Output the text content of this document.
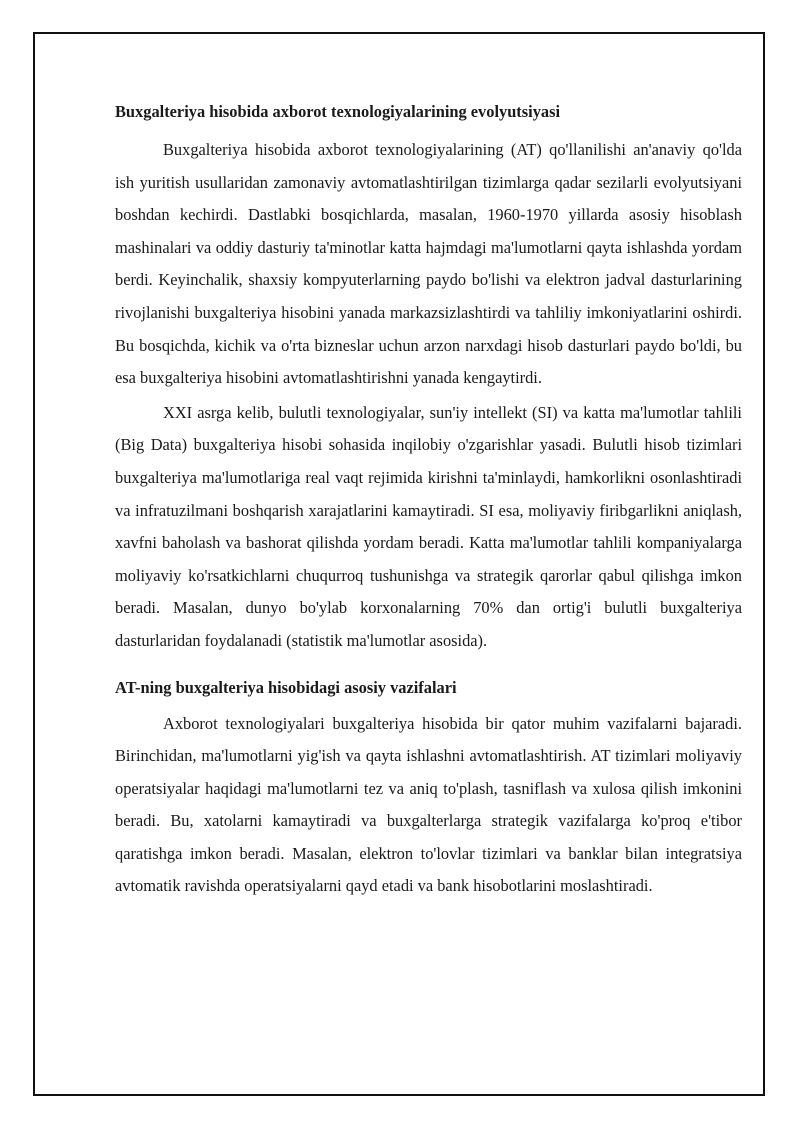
Buxgalteriya hisobida axborot texnologiyalarining evolyutsiyasi

Buxgalteriya hisobida axborot texnologiyalarining (AT) qo'llanilishi an'anaviy qo'lda ish yuritish usullaridan zamonaviy avtomatlashtirilgan tizimlarga qadar sezilarli evolyutsiyani boshdan kechirdi. Dastlabki bosqichlarda, masalan, 1960-1970 yillarda asosiy hisoblash mashinalari va oddiy dasturiy ta'minotlar katta hajmdagi ma'lumotlarni qayta ishlashda yordam berdi. Keyinchalik, shaxsiy kompyuterlarning paydo bo'lishi va elektron jadval dasturlarining rivojlanishi buxgalteriya hisobini yanada markazsizlashtirdi va tahliliy imkoniyatlarini oshirdi. Bu bosqichda, kichik va o'rta bizneslar uchun arzon narxdagi hisob dasturlari paydo bo'ldi, bu esa buxgalteriya hisobini avtomatlashtirishni yanada kengaytirdi.

XXI asrga kelib, bulutli texnologiyalar, sun'iy intellekt (SI) va katta ma'lumotlar tahlili (Big Data) buxgalteriya hisobi sohasida inqilobiy o'zgarishlar yasadi. Bulutli hisob tizimlari buxgalteriya ma'lumotlariga real vaqt rejimida kirishni ta'minlaydi, hamkorlikni osonlashtiradi va infratuzilmani boshqarish xarajatlarini kamaytiradi. SI esa, moliyaviy firibgarlikni aniqlash, xavfni baholash va bashorat qilishda yordam beradi. Katta ma'lumotlar tahlili kompaniyalarga moliyaviy ko'rsatkichlarni chuqurroq tushunishga va strategik qarorlar qabul qilishga imkon beradi. Masalan, dunyo bo'ylab korxonalarning 70% dan ortig'i bulutli buxgalteriya dasturlaridan foydalanadi (statistik ma'lumotlar asosida).

AT-ning buxgalteriya hisobidagi asosiy vazifalari

Axborot texnologiyalari buxgalteriya hisobida bir qator muhim vazifalarni bajaradi. Birinchidan, ma'lumotlarni yig'ish va qayta ishlashni avtomatlashtirish. AT tizimlari moliyaviy operatsiyalar haqidagi ma'lumotlarni tez va aniq to'plash, tasniflash va xulosa qilish imkonini beradi. Bu, xatolarni kamaytiradi va buxgalterlarga strategik vazifalarga ko'proq e'tibor qaratishga imkon beradi. Masalan, elektron to'lovlar tizimlari va banklar bilan integratsiya avtomatik ravishda operatsiyalarni qayd etadi va bank hisobotlarini moslashtiradi.
